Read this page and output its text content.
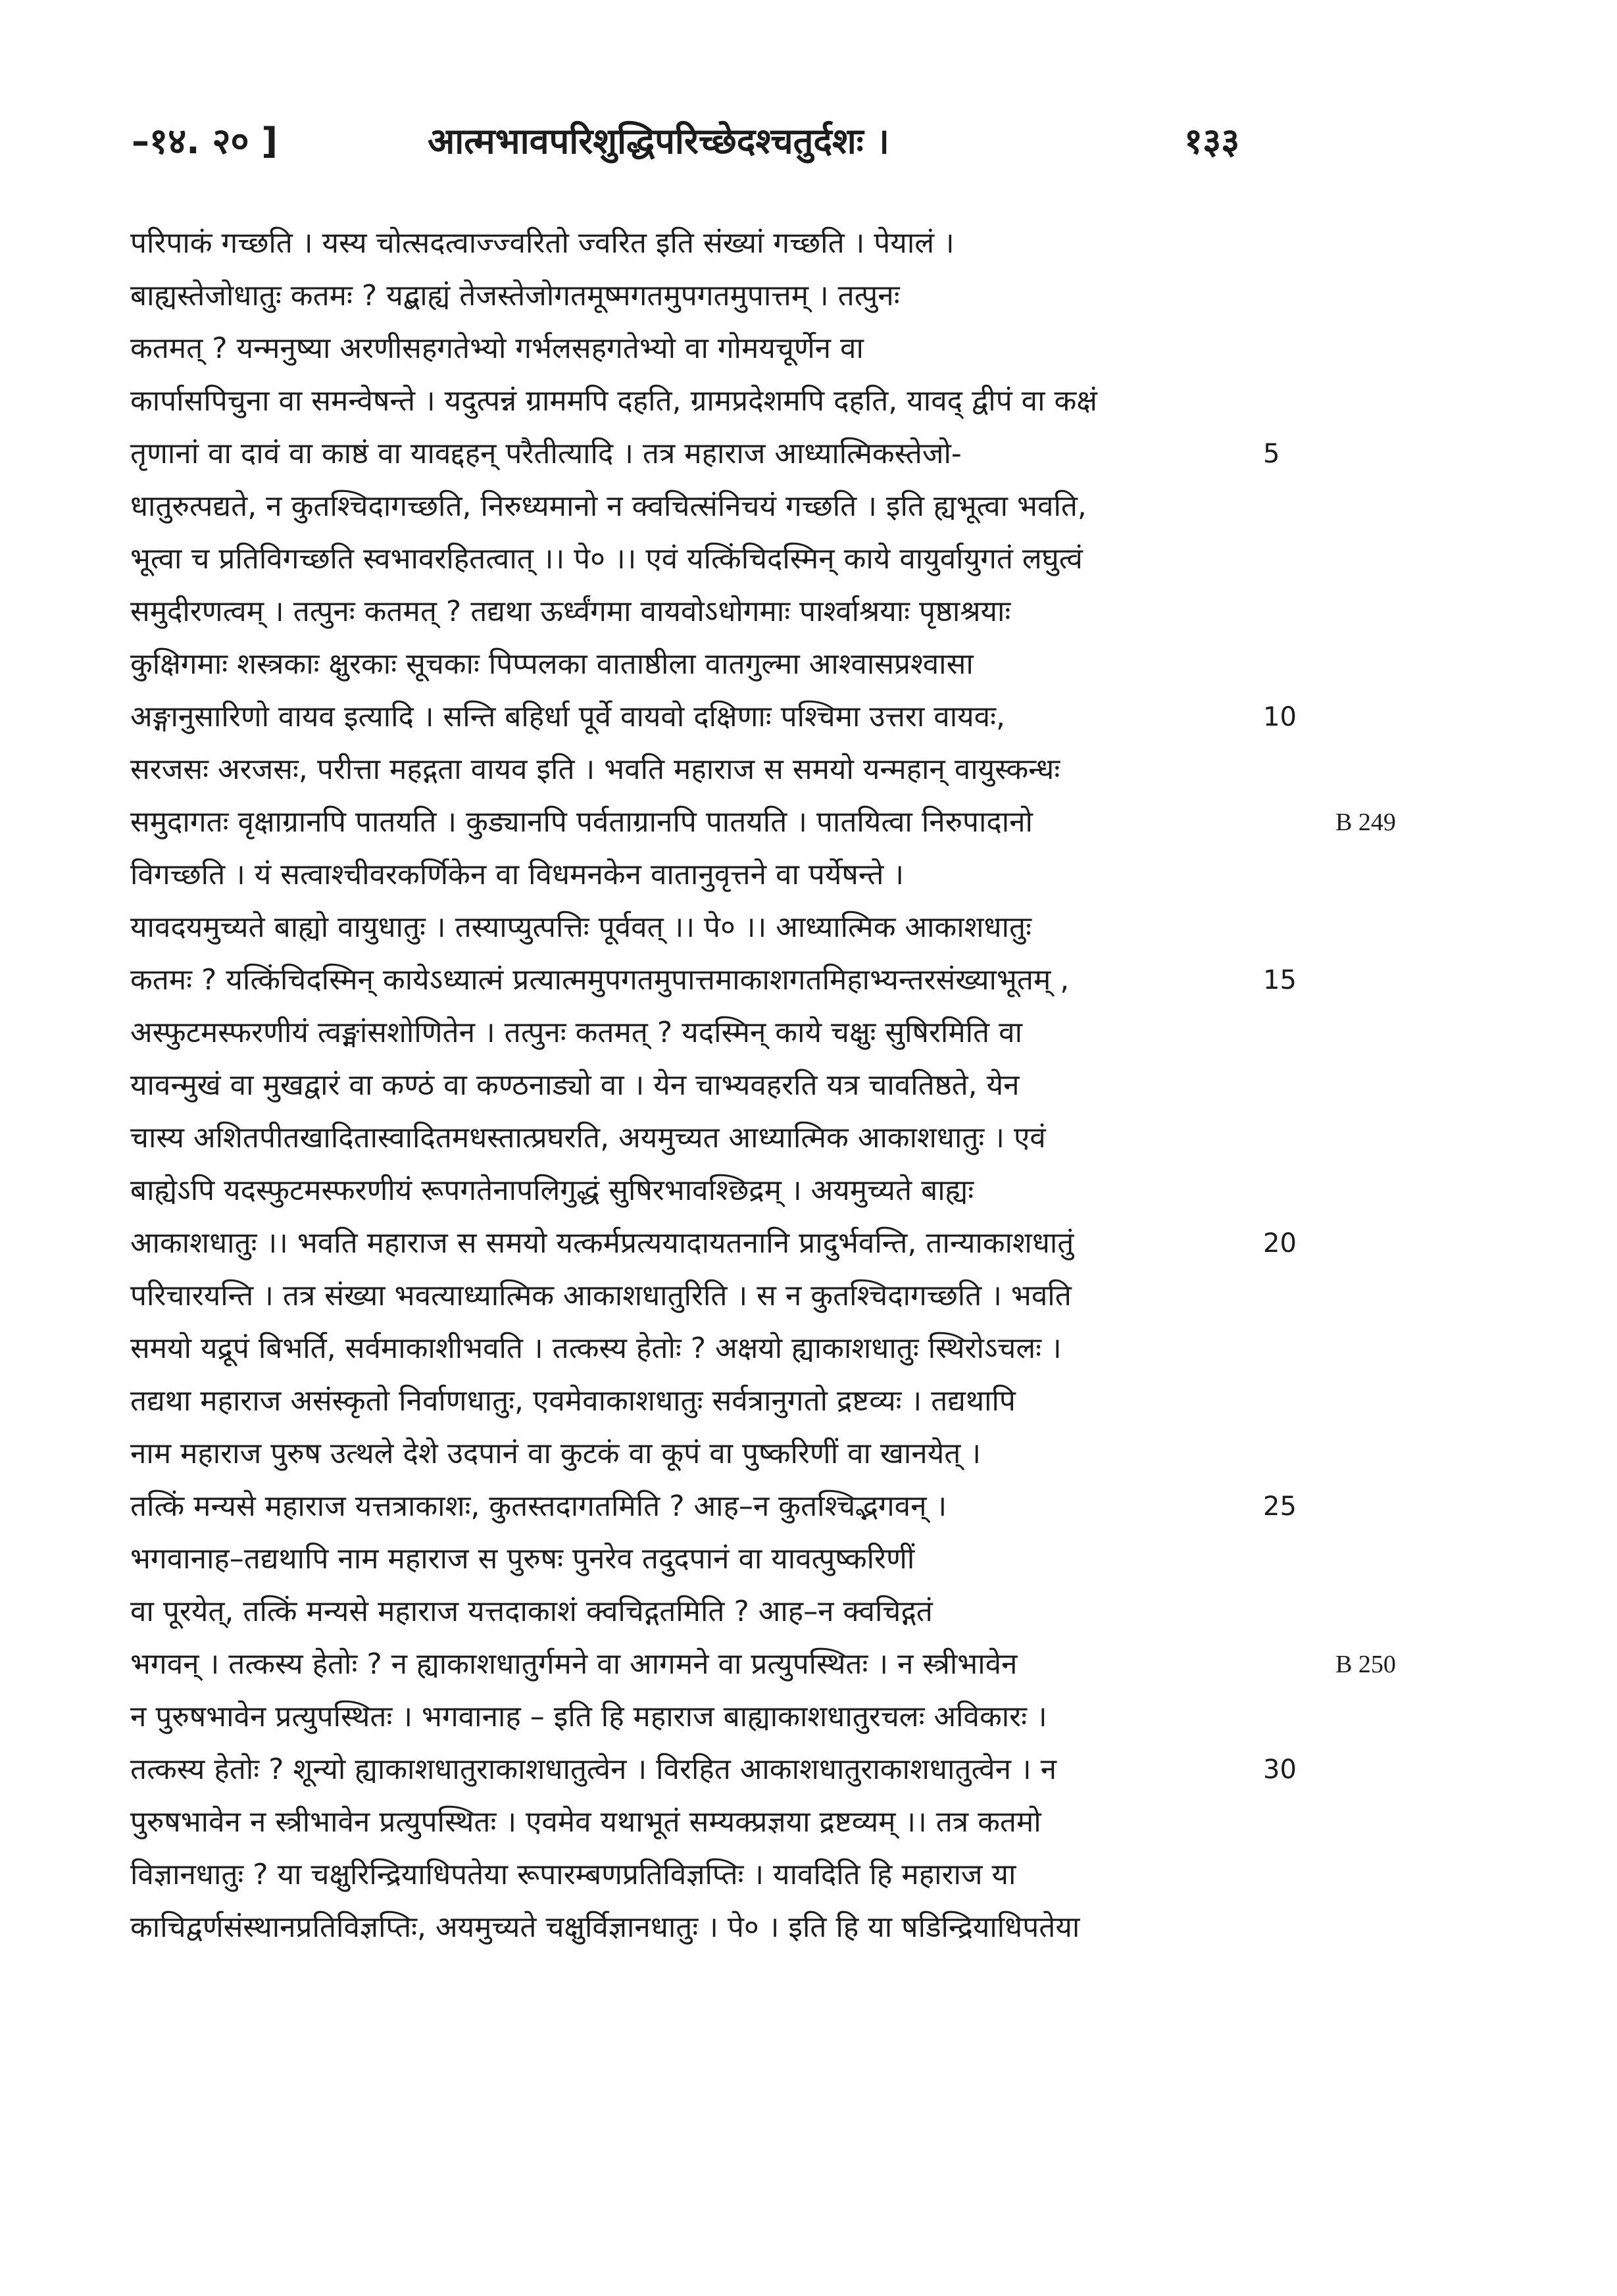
–१४. २० ]	आत्मभावपरिशुद्धिपरिच्छेदश्चतुर्दशः ।	१३३
परिपाकं गच्छति । यस्य चोत्सदत्वाज्ज्वरितो ज्वरित इति संख्यां गच्छति । पेयालं ।
बाह्यस्तेजोधातुः कतमः ? यद्बाह्यं तेजस्तेजोगतमूष्मगतमुपगतमुपात्तम् । तत्पुनः
कतमत् ? यन्मनुष्या अरणीसहगतेभ्यो गर्भलसहगतेभ्यो वा गोमयचूर्णेन वा
कार्पासपिचुना वा समन्वेषन्ते । यदुत्पन्नं ग्राममपि दहति, ग्रामप्रदेशमपि दहति, यावद् द्वीपं वा कक्षं
तृणानां वा दावं वा काष्ठं वा यावद्दहन् परैतीत्यादि । तत्र महाराज आध्यात्मिकस्तेजो-
धातुरुत्पद्यते, न कुतश्चिदागच्छति, निरुध्यमानो न क्वचित्संनिचयं गच्छति । इति ह्यभूत्वा भवति,
भूत्वा च प्रतिविगच्छति स्वभावरहितत्वात् ।। पे० ।। एवं यत्किंचिदस्मिन् काये वायुर्वायुगतं लघुत्वं
समुदीरणत्वम् । तत्पुनः कतमत् ? तद्यथा ऊर्ध्वंगमा वायवोऽधोगमाः पार्श्वाश्रयाः पृष्ठाश्रयाः
कुक्षिगमाः शस्त्रकाः क्षुरकाः सूचकाः पिप्पलका वाताष्ठीला वातगुल्मा आश्वासप्रश्वासा
अङ्गानुसारिणो वायव इत्यादि । सन्ति बहिर्धा पूर्वे वायवो दक्षिणाः पश्चिमा उत्तरा वायवः,
सरजसः अरजसः, परीत्ता महद्गता वायव इति । भवति महाराज स समयो यन्महान् वायुस्कन्धः
समुदागतः वृक्षाग्रानपि पातयति । कुड्यानपि पर्वताग्रानपि पातयति । पातयित्वा निरुपादानो
विगच्छति । यं सत्वाश्चीवरकर्णिकेन वा विधमनकेन वातानुवृत्तने वा पर्येषन्ते ।
यावदयमुच्यते बाह्यो वायुधातुः । तस्याप्युत्पत्तिः पूर्ववत् ।। पे० ।। आध्यात्मिक आकाशधातुः
कतमः ? यत्किंचिदस्मिन् कायेऽध्यात्मं प्रत्यात्ममुपगतमुपात्तमाकाशगतमिहाभ्यन्तरसंख्याभूतम् ,
अस्फुटमस्फरणीयं त्वङ्मांसशोणितेन । तत्पुनः कतमत् ? यदस्मिन् काये चक्षुः सुषिरमिति वा
यावन्मुखं वा मुखद्वारं वा कण्ठं वा कण्ठनाड्यो वा । येन चाभ्यवहरति यत्र चावतिष्ठते, येन
चास्य अशितपीतखादितास्वादितमधस्तात्प्रघरति, अयमुच्यत आध्यात्मिक आकाशधातुः । एवं
बाह्येऽपि यदस्फुटमस्फरणीयं रूपगतेनापलिगुद्धं सुषिरभावश्छिद्रम् । अयमुच्यते बाह्यः
आकाशधातुः ।। भवति महाराज स समयो यत्कर्मप्रत्ययादायतनानि प्रादुर्भवन्ति, तान्याकाशधातुं
परिचारयन्ति । तत्र संख्या भवत्याध्यात्मिक आकाशधातुरिति । स न कुतश्चिदागच्छति । भवति
समयो यद्रूपं बिभर्ति, सर्वमाकाशीभवति । तत्कस्य हेतोः ? अक्षयो ह्याकाशधातुः स्थिरोऽचलः ।
तद्यथा महाराज असंस्कृतो निर्वाणधातुः, एवमेवाकाशधातुः सर्वत्रानुगतो द्रष्टव्यः । तद्यथापि
नाम महाराज पुरुष उत्थले देशे उदपानं वा कुटकं वा कूपं वा पुष्करिणीं वा खानयेत् ।
तत्किं मन्यसे महाराज यत्तत्राकाशः, कुतस्तदागतमिति ? आह–न कुतश्चिद्भगवन् ।
भगवानाह–तद्यथापि नाम महाराज स पुरुषः पुनरेव तदुदपानं वा यावत्पुष्करिणीं
वा पूरयेत्, तत्किं मन्यसे महाराज यत्तदाकाशं क्वचिद्गतमिति ? आह–न क्वचिद्गतं
भगवन् । तत्कस्य हेतोः ? न ह्याकाशधातुर्गमने वा आगमने वा प्रत्युपस्थितः । न स्त्रीभावेन
न पुरुषभावेन प्रत्युपस्थितः । भगवानाह – इति हि महाराज बाह्याकाशधातुरचलः अविकारः ।
तत्कस्य हेतोः ? शून्यो ह्याकाशधातुराकाशधातुत्वेन । विरहित आकाशधातुराकाशधातुत्वेन । न
पुरुषभावेन न स्त्रीभावेन प्रत्युपस्थितः । एवमेव यथाभूतं सम्यक्प्रज्ञया द्रष्टव्यम् ।। तत्र कतमो
विज्ञानधातुः ? या चक्षुरिन्द्रियाधिपतेया रूपारम्बणप्रतिविज्ञप्तिः । यावदिति हि महाराज या
काचिद्वर्णसंस्थानप्रतिविज्ञप्तिः, अयमुच्यते चक्षुर्विज्ञानधातुः । पे० । इति हि या षडिन्द्रियाधिपतेया
5
10
15
20
25
30
B 249
B 250
